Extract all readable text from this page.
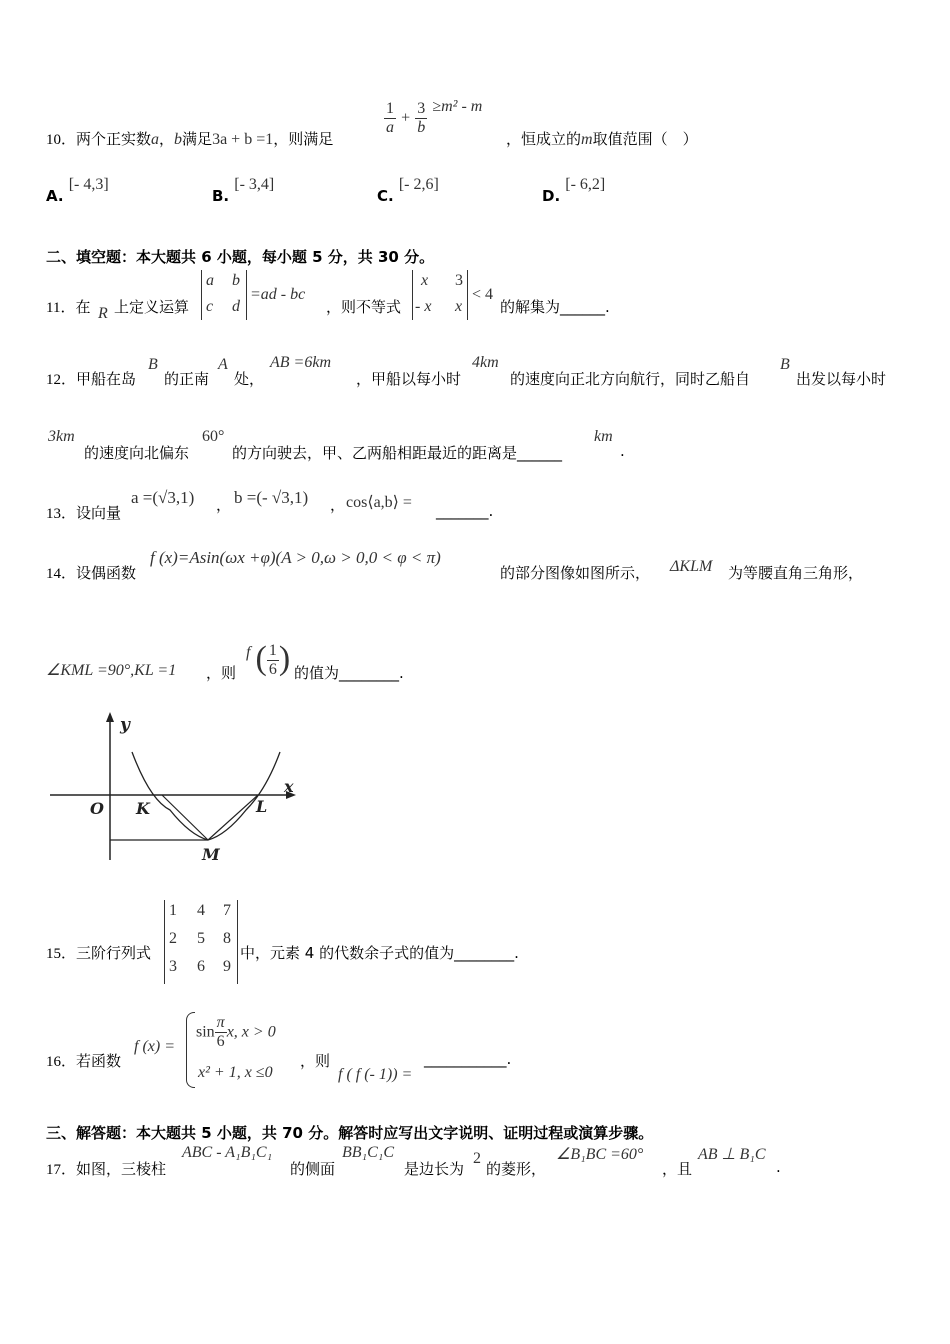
10．两个正实数a，b满足3a + b =1，则满足
$\frac{1}{a} + \frac{3}{b} \ge m^2 - m$
，恒成立的m取值范围（　）
A. [- 4,3]
B. [- 3,4]
C. [- 2,6]
D. [- 6,2]
二、填空题：本大题共 6 小题，每小题 5 分，共 30 分。
11．在 R 上定义运算
a b
c d
=ad - bc
，则不等式
x 3
- x x
< 4
的解集为______.
12．甲船在岛
B
的正南
A
处，
AB =6km
，甲船以每小时
4km
的速度向正北方向航行，同时乙船自
B
出发以每小时
3km
的速度向北偏东
60°
的方向驶去，甲、乙两船相距最近的距离是______
km
.
13．设向量
a =(√3,1) ， b =(- √3,1) ， cos⟨a,b⟩ = _______.
14．设偶函数
f (x)=Asin(ωx +φ)(A > 0,ω > 0,0 < φ < π)
的部分图像如图所示， ΔKLM 为等腰直角三角形，
∠KML =90°,KL =1 ，则
f ( $\frac{1}{6}$ ) 的值为________.
y
x
O K	L
M
15．三阶行列式
1 4 7
2 5 8
3 6 9
中，元素 4 的代数余子式的值为________.
16．若函数
f (x) =
$\sin \frac{\pi}{6} x$, x > 0
x² + 1, x ≤0
，则
f ( f (- 1)) =
___________.
三、解答题：本大题共 5 小题，共 70 分。解答时应写出文字说明、证明过程或演算步骤。
17．如图，三棱柱
ABC - A₁B₁C₁
的侧面
BB₁C₁C
是边长为
2
的菱形，
∠B₁BC =60°
，且
AB ⊥ B₁C
.
